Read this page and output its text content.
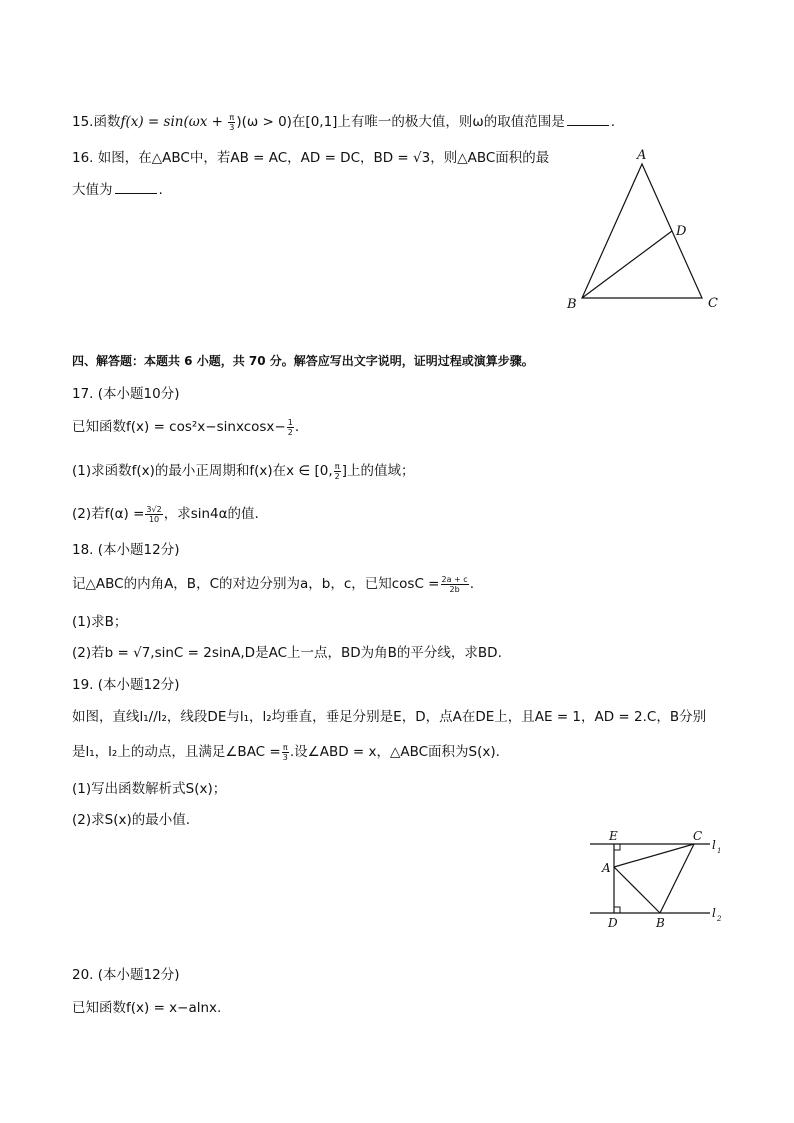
15.函数$f(x) = \sin(\omega x + \frac{\pi}{3} )(\omega > 0)$在[0,1]上有唯一的极大值，则ω的取值范围是	.
16. 如图，在△ABC中，若AB = AC，AD = DC，BD = √3，则△ABC面积的最
大值为	.
A
B	C
D
四、解答题：本题共 6 小题，共 70 分。解答应写出文字说明，证明过程或演算步骤。
17. (本小题10分)
已知函数f(x) = cos²x−sinxcosx− $\frac{1}{2}$ .
(1)求函数f(x)的最小正周期和f(x)在x ∈ [0, $\frac{\pi}{2}$ ]上的值域；
(2)若$f(\alpha) = \frac{3√2}{10}$ ，求sin4α的值.
18. (本小题12分)
记△ABC的内角A，B，C的对边分别为a，b，c，已知$\cos C = \frac{2a + c}{2b}$ .
(1)求B；
(2)若b = √7,sinC = 2sinA,D是AC上一点，BD为角B的平分线，求BD.
19. (本小题12分)
如图，直线l₁//l₂，线段DE与l₁，l₂均垂直，垂足分别是E，D，点A在DE上，且AE = 1，AD = 2.C，B分别
是l₁，l₂上的动点，且满足∠BAC = $\frac{\pi}{3}$ .设∠ABD = x，△ABC面积为S(x).
(1)写出函数解析式S(x)；
(2)求S(x)的最小值.
E	C
l 1
A
D	B
l 2
20. (本小题12分)
已知函数f(x) = x−alnx.
